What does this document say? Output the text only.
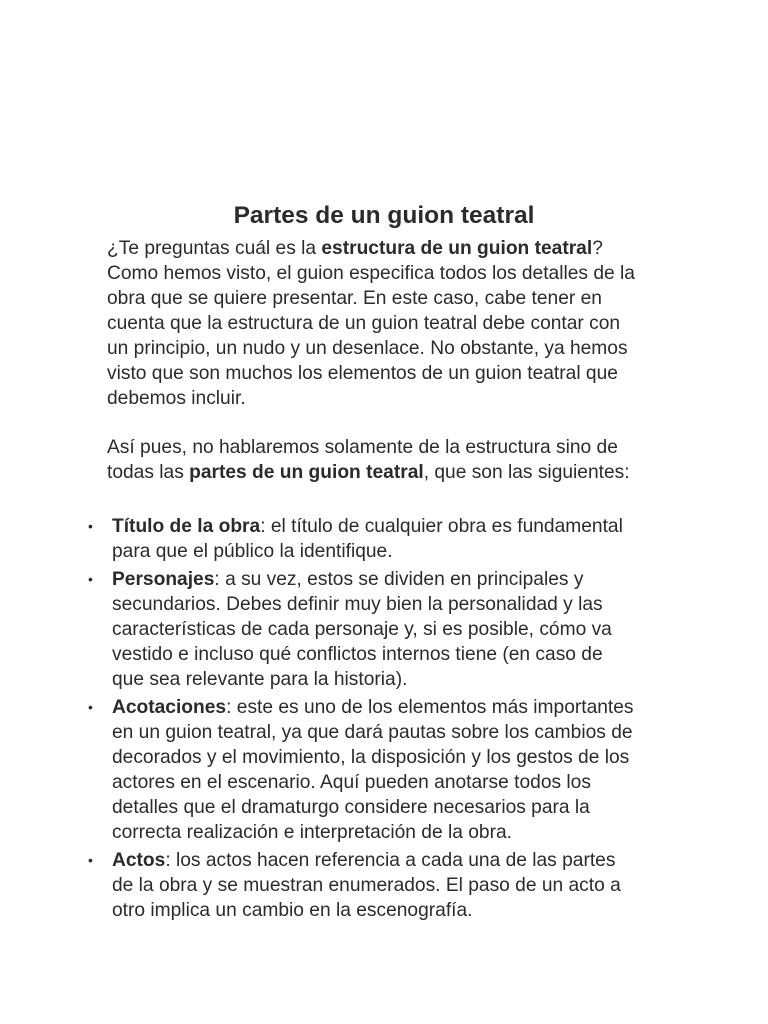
Partes de un guion teatral

¿Te preguntas cuál es la estructura de un guion teatral?
Como hemos visto, el guion especifica todos los detalles de la
obra que se quiere presentar. En este caso, cabe tener en
cuenta que la estructura de un guion teatral debe contar con
un principio, un nudo y un desenlace. No obstante, ya hemos
visto que son muchos los elementos de un guion teatral que
debemos incluir.

Así pues, no hablaremos solamente de la estructura sino de
todas las partes de un guion teatral, que son las siguientes:

• Título de la obra: el título de cualquier obra es fundamental
para que el público la identifique.
• Personajes: a su vez, estos se dividen en principales y
secundarios. Debes definir muy bien la personalidad y las
características de cada personaje y, si es posible, cómo va
vestido e incluso qué conflictos internos tiene (en caso de
que sea relevante para la historia).
• Acotaciones: este es uno de los elementos más importantes
en un guion teatral, ya que dará pautas sobre los cambios de
decorados y el movimiento, la disposición y los gestos de los
actores en el escenario. Aquí pueden anotarse todos los
detalles que el dramaturgo considere necesarios para la
correcta realización e interpretación de la obra.
• Actos: los actos hacen referencia a cada una de las partes
de la obra y se muestran enumerados. El paso de un acto a
otro implica un cambio en la escenografía.
